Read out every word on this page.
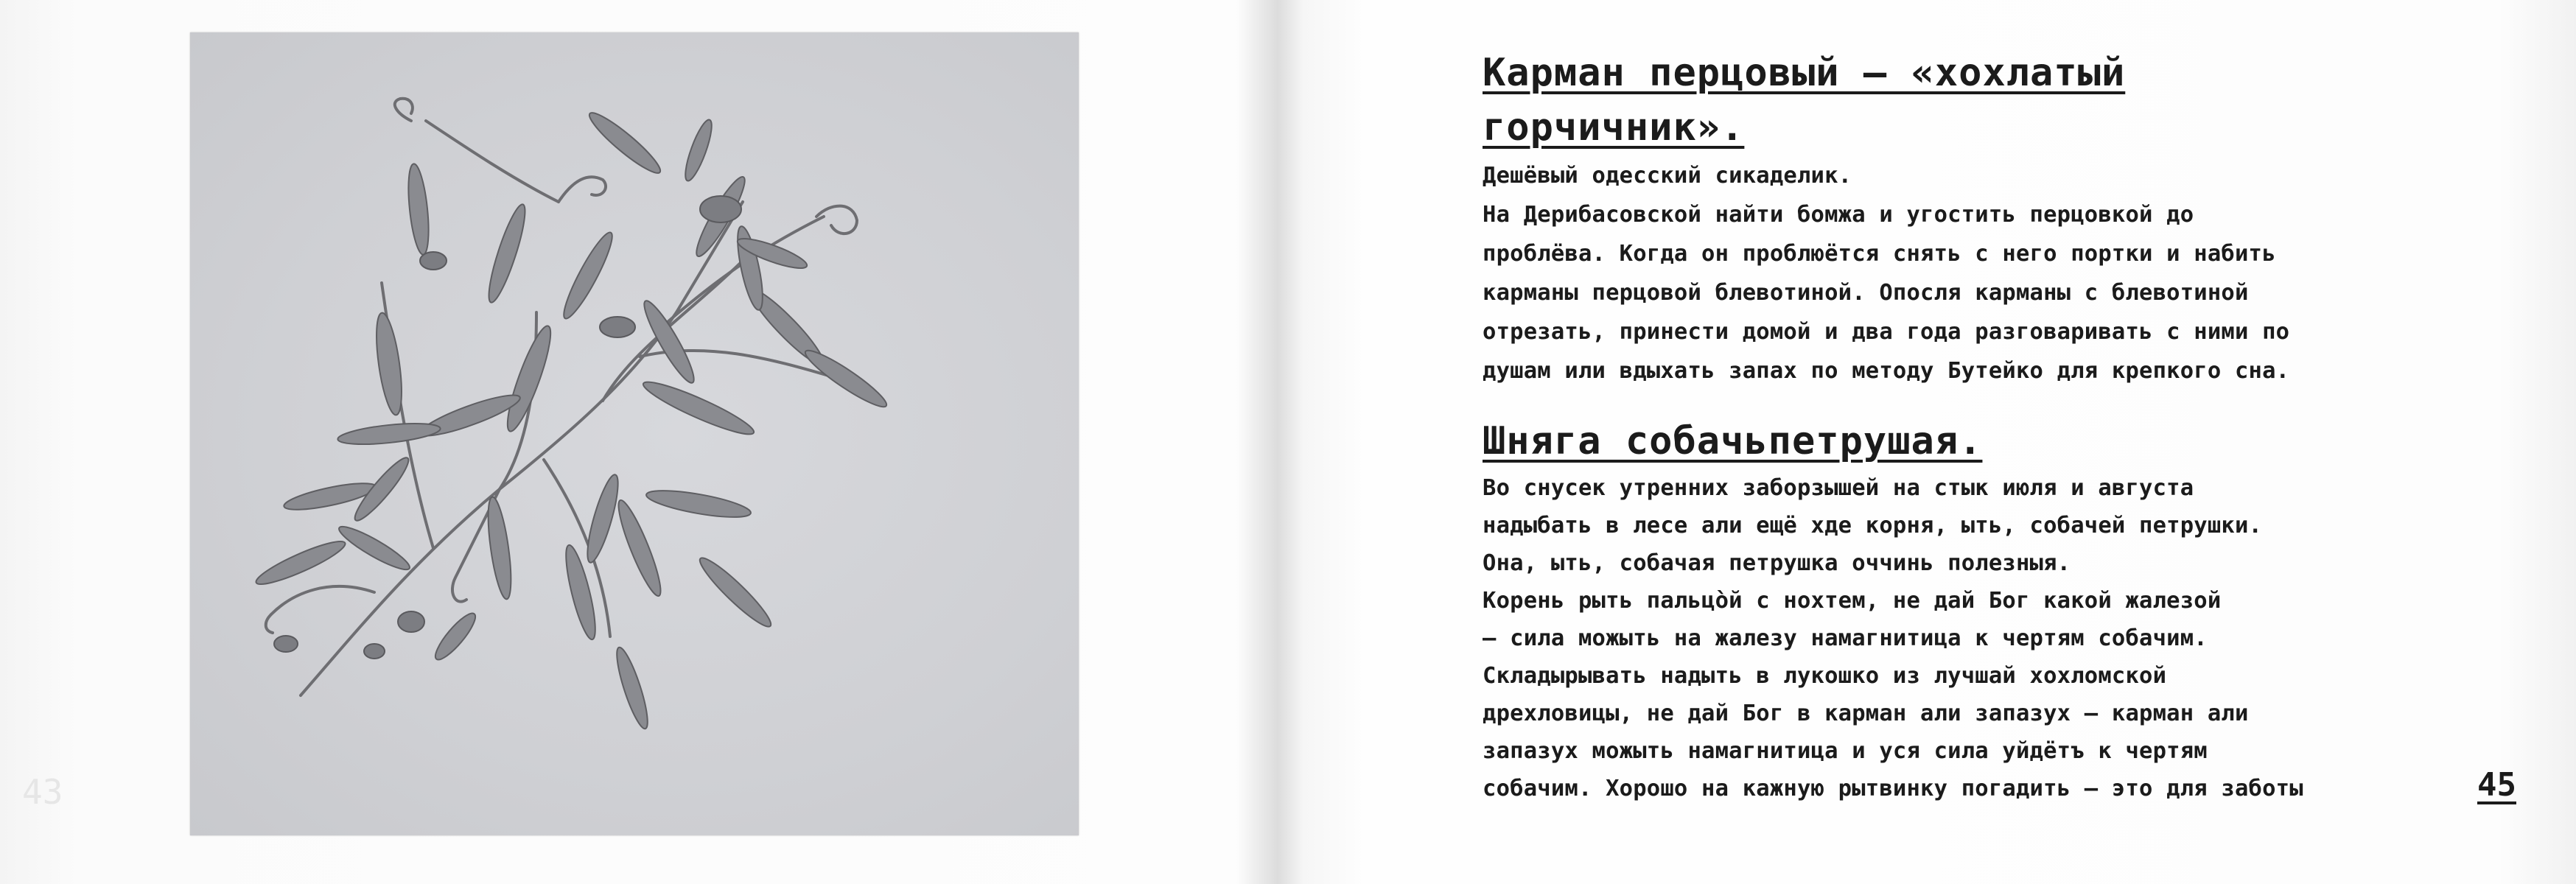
43
Карман перцовый – «хохлатый
горчичник».

Дешёвый одесский сикаделик.

На Дерибасовской найти бомжа и угостить перцовкой до

проблёва. Когда он проблюётся снять с него портки и набить

карманы перцовой блевотиной. Опосля карманы с блевотиной

отрезать, принести домой и два года разговаривать с ними по

душам или вдыхать запах по методу Бутейко для крепкого сна.

Шняга собачьпетрушая.

Во снусек утренних заборзышей на стык июля и августа

надыбать в лесе али ещё хде корня, ыть, собачей петрушки.

Она, ыть, собачая петрушка оччинь полезныя.

Корень рыть пальцо̀й с нохтем, не дай Бог какой жалезой

– сила можыть на жалезу намагнитица к чертям собачим.

Складырывать надыть в лукошко из лучшай хохломской

дрехловицы, не дай Бог в карман али запазух – карман али

запазух можыть намагнитица и уся сила уйдётъ к чертям

собачим. Хорошо на кажную рытвинку погадить – это для заботы	45
